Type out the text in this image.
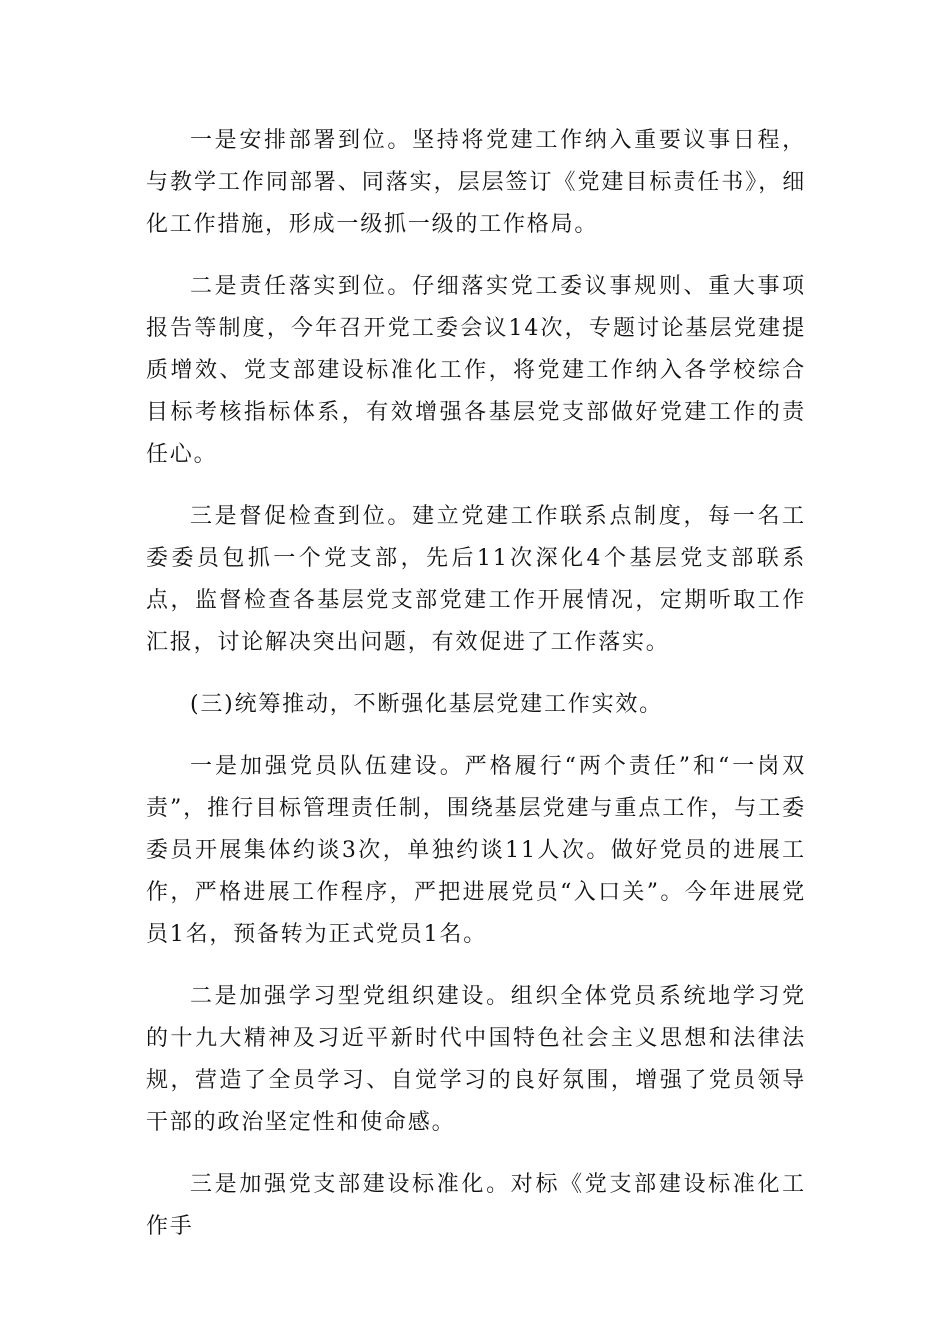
一是安排部署到位。坚持将党建工作纳入重要议事日程，与教学工作同部署、同落实，层层签订《党建目标责任书》，细化工作措施，形成一级抓一级的工作格局。

二是责任落实到位。仔细落实党工委议事规则、重大事项报告等制度，今年召开党工委会议14次，专题讨论基层党建提质增效、党支部建设标准化工作，将党建工作纳入各学校综合目标考核指标体系，有效增强各基层党支部做好党建工作的责任心。

三是督促检查到位。建立党建工作联系点制度，每一名工委委员包抓一个党支部，先后11次深化4个基层党支部联系点，监督检查各基层党支部党建工作开展情况，定期听取工作汇报，讨论解决突出问题，有效促进了工作落实。

(三)统筹推动，不断强化基层党建工作实效。

一是加强党员队伍建设。严格履行“两个责任”和“一岗双责”，推行目标管理责任制，围绕基层党建与重点工作，与工委委员开展集体约谈3次，单独约谈11人次。做好党员的进展工作，严格进展工作程序，严把进展党员“入口关”。今年进展党员1名，预备转为正式党员1名。

二是加强学习型党组织建设。组织全体党员系统地学习党的十九大精神及习近平新时代中国特色社会主义思想和法律法规，营造了全员学习、自觉学习的良好氛围，增强了党员领导干部的政治坚定性和使命感。

三是加强党支部建设标准化。对标《党支部建设标准化工作手
